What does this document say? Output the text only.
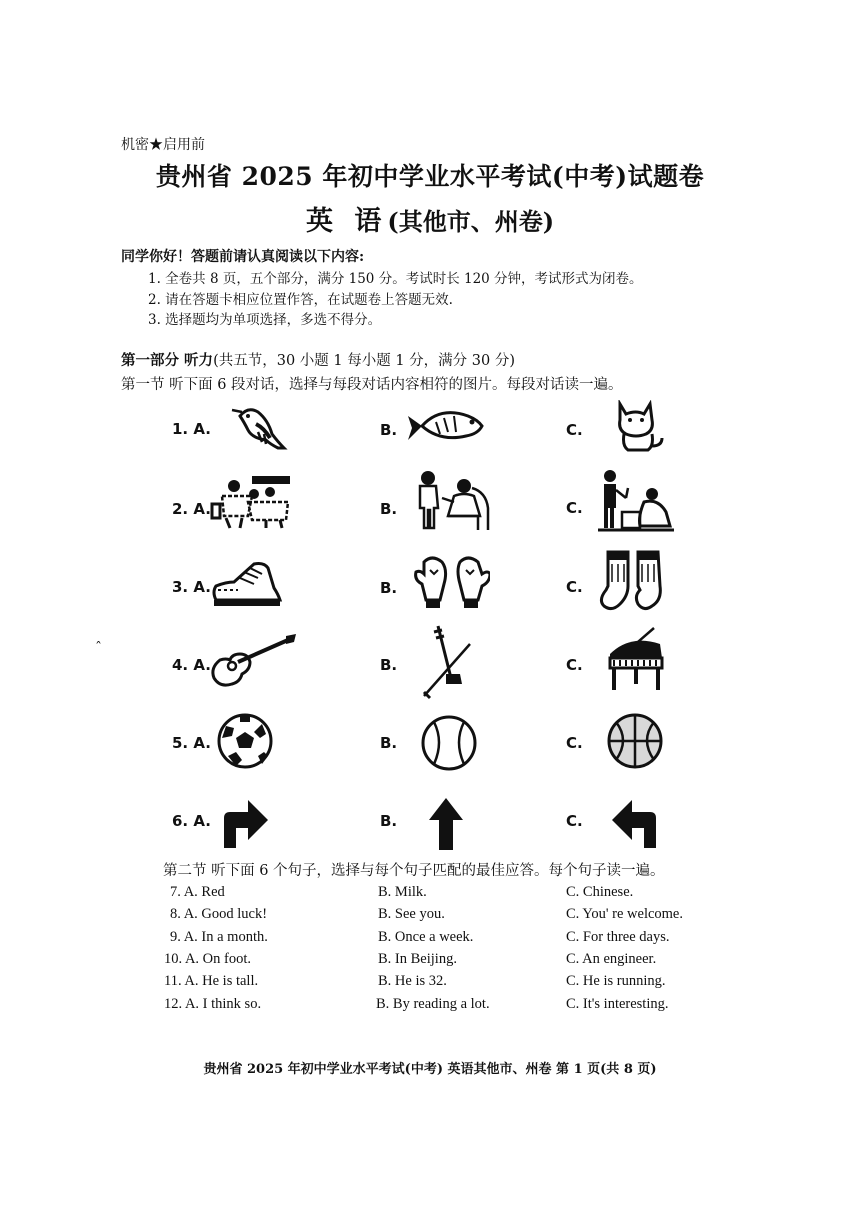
机密★启用前
贵州省 2025 年初中学业水平考试(中考)试题卷
英 语(其他市、州卷)
同学你好！答题前请认真阅读以下内容:
1. 全卷共 8 页，五个部分，满分 150 分。考试时长 120 分钟，考试形式为闭卷。
2. 请在答题卡相应位置作答，在试题卷上答题无效.
3. 选择题均为单项选择，多选不得分。
第一部分 听力(共五节，30 小题 1 每小题 1 分，满分 30 分)
第一节 听下面 6 段对话，选择与每段对话内容相符的图片。每段对话读一遍。
ˆ
1. A.	B.	C.
2. A.	B.	C.
3. A.	B.	C.
4. A.	B.	C.
5. A.	B.	C.
6. A.	B.	C.
第二节 听下面 6 个句子，选择与每个句子匹配的最佳应答。每个句子读一遍。
7. A. Red	B. Milk.	C. Chinese.
8. A. Good luck!	B. See you.	C. You' re welcome.
9. A. In a month.	B. Once a week.	C. For three days.
10. A. On foot.	B. In Beijing.	C. An engineer.
11. A. He is tall.	B. He is 32.	C. He is running.
12. A. I think so.	B. By reading a lot.	C. It's interesting.
贵州省 2025 年初中学业水平考试(中考) 英语其他市、州卷 第 1 页(共 8 页)
